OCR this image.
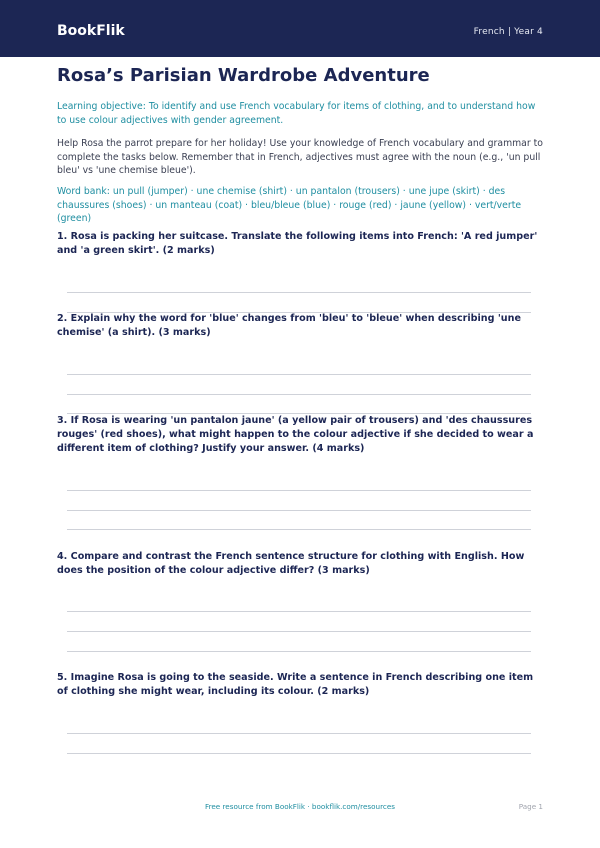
BookFlik	French | Year 4
Rosa’s Parisian Wardrobe Adventure

Learning objective: To identify and use French vocabulary for items of clothing, and to understand how to use colour adjectives with gender agreement.

Help Rosa the parrot prepare for her holiday! Use your knowledge of French vocabulary and grammar to complete the tasks below. Remember that in French, adjectives must agree with the noun (e.g., 'un pull bleu' vs 'une chemise bleue').

Word bank: un pull (jumper) · une chemise (shirt) · un pantalon (trousers) · une jupe (skirt) · des chaussures (shoes) · un manteau (coat) · bleu/bleue (blue) · rouge (red) · jaune (yellow) · vert/verte (green)

1. Rosa is packing her suitcase. Translate the following items into French: 'A red jumper' and 'a green skirt'. (2 marks)

2. Explain why the word for 'blue' changes from 'bleu' to 'bleue' when describing 'une chemise' (a shirt). (3 marks)

3. If Rosa is wearing 'un pantalon jaune' (a yellow pair of trousers) and 'des chaussures rouges' (red shoes), what might happen to the colour adjective if she decided to wear a different item of clothing? Justify your answer. (4 marks)

4. Compare and contrast the French sentence structure for clothing with English. How does the position of the colour adjective differ? (3 marks)

5. Imagine Rosa is going to the seaside. Write a sentence in French describing one item of clothing she might wear, including its colour. (2 marks)

Free resource from BookFlik · bookflik.com/resources	Page 1
